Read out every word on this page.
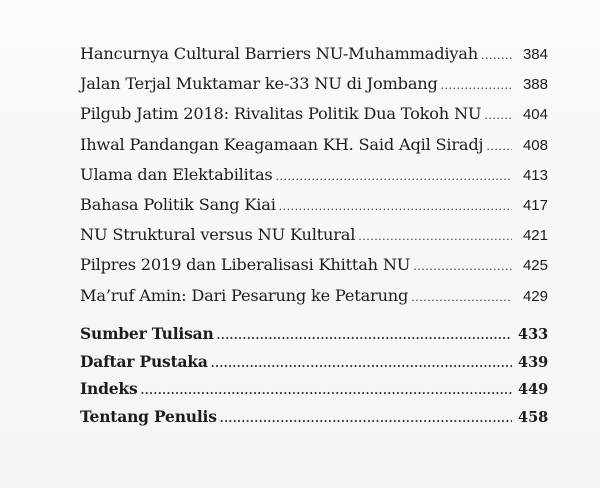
Hancurnya Cultural Barriers NU-Muhammadiyah .....	384
Jalan Terjal Muktamar ke-33 NU di Jombang .....	388
Pilgub Jatim 2018: Rivalitas Politik Dua Tokoh NU .....	404
Ihwal Pandangan Keagamaan KH. Said Aqil Siradj .....	408
Ulama dan Elektabilitas .....	413
Bahasa Politik Sang Kiai .....	417
NU Struktural versus NU Kultural .....	421
Pilpres 2019 dan Liberalisasi Khittah NU .....	425
Ma’ruf Amin: Dari Pesarung ke Petarung .....	429
Sumber Tulisan .....	433
Daftar Pustaka .....	439
Indeks .....	449
Tentang Penulis .....	458
